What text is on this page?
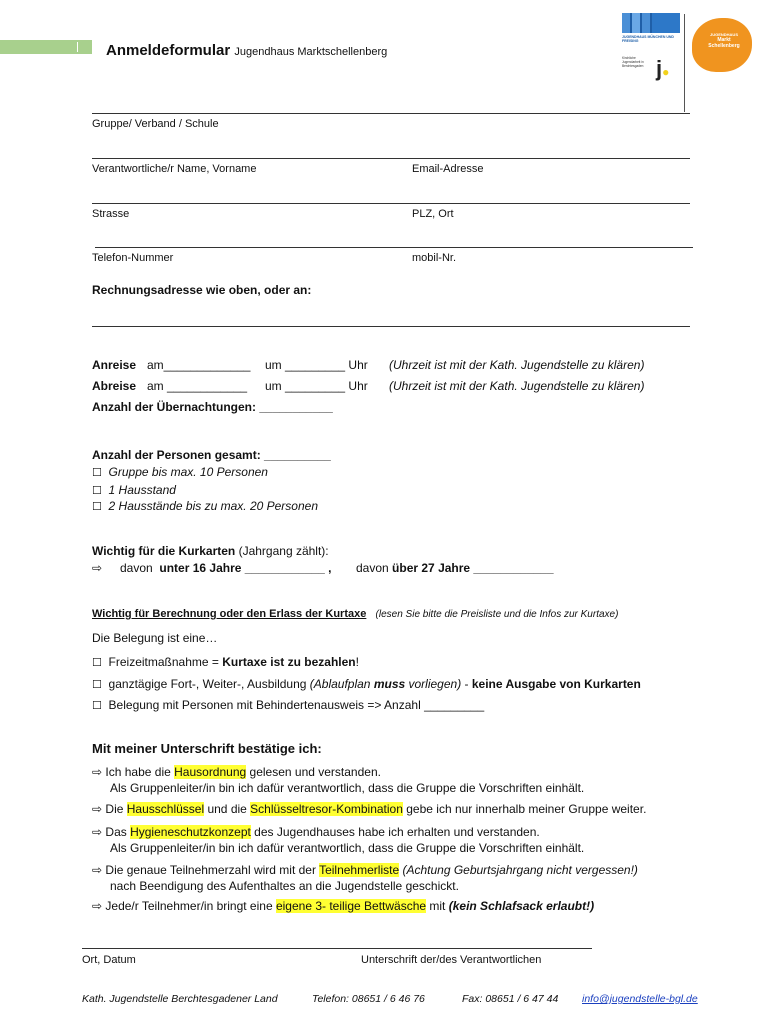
Anmeldeformular Jugendhaus Marktschellenberg
JUGENDHAUS MÜNCHEN UND FREISING
Kirchliche Jugendarbeit in Berchtesgaden j●
JUGENDHAUS
Markt
Schellenberg
Gruppe/ Verband / Schule
Verantwortliche/r Name, Vorname	Email-Adresse
Strasse	PLZ, Ort
Telefon-Nummer	mobil-Nr.
Rechnungsadresse wie oben, oder an:
Anreise am_____________ um _________ Uhr (Uhrzeit ist mit der Kath. Jugendstelle zu klären)
Abreise am ____________ um _________ Uhr (Uhrzeit ist mit der Kath. Jugendstelle zu klären)
Anzahl der Übernachtungen: ___________
Anzahl der Personen gesamt: __________
☐ Gruppe bis max. 10 Personen
☐ 1 Hausstand
☐ 2 Hausstände bis zu max. 20 Personen
Wichtig für die Kurkarten (Jahrgang zählt):
⇨ davon unter 16 Jahre ____________ , davon über 27 Jahre ____________
Wichtig für Berechnung oder den Erlass der Kurtaxe (lesen Sie bitte die Preisliste und die Infos zur Kurtaxe)
Die Belegung ist eine…
☐ Freizeitmaßnahme = Kurtaxe ist zu bezahlen!
☐ ganztägige Fort-, Weiter-, Ausbildung (Ablaufplan muss vorliegen) - keine Ausgabe von Kurkarten
☐ Belegung mit Personen mit Behindertenausweis => Anzahl _________
Mit meiner Unterschrift bestätige ich:
⇨ Ich habe die Hausordnung gelesen und verstanden.
Als Gruppenleiter/in bin ich dafür verantwortlich, dass die Gruppe die Vorschriften einhält.
⇨ Die Hausschlüssel und die Schlüsseltresor-Kombination gebe ich nur innerhalb meiner Gruppe weiter.
⇨ Das Hygieneschutzkonzept des Jugendhauses habe ich erhalten und verstanden.
Als Gruppenleiter/in bin ich dafür verantwortlich, dass die Gruppe die Vorschriften einhält.
⇨ Die genaue Teilnehmerzahl wird mit der Teilnehmerliste (Achtung Geburtsjahrgang nicht vergessen!)
nach Beendigung des Aufenthaltes an die Jugendstelle geschickt.
⇨ Jede/r Teilnehmer/in bringt eine eigene 3- teilige Bettwäsche mit (kein Schlafsack erlaubt!)
Ort, Datum	Unterschrift der/des Verantwortlichen
Kath. Jugendstelle Berchtesgadener Land	Telefon: 08651 / 6 46 76	Fax: 08651 / 6 47 44 info@jugendstelle-bgl.de
